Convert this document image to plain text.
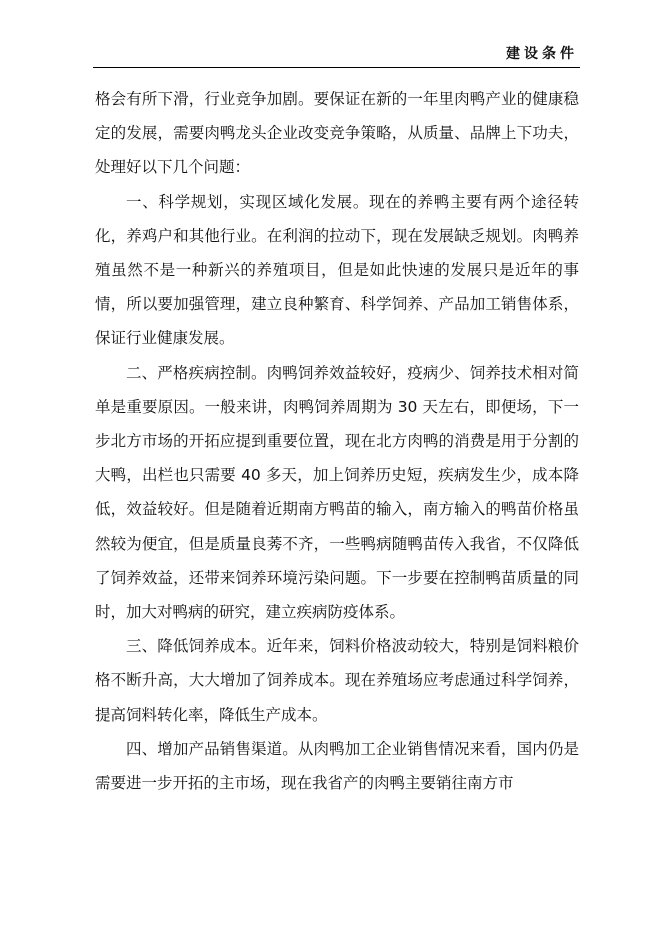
建设条件

格会有所下滑，行业竞争加剧。要保证在新的一年里肉鸭产业的健康稳定的发展，需要肉鸭龙头企业改变竞争策略，从质量、品牌上下功夫，处理好以下几个问题：

一、科学规划，实现区域化发展。现在的养鸭主要有两个途径转化，养鸡户和其他行业。在利润的拉动下，现在发展缺乏规划。肉鸭养殖虽然不是一种新兴的养殖项目，但是如此快速的发展只是近年的事情，所以要加强管理，建立良种繁育、科学饲养、产品加工销售体系，保证行业健康发展。

二、严格疾病控制。肉鸭饲养效益较好，疫病少、饲养技术相对简单是重要原因。一般来讲，肉鸭饲养周期为 30 天左右，即便场，下一步北方市场的开拓应提到重要位置，现在北方肉鸭的消费是用于分割的大鸭，出栏也只需要 40 多天，加上饲养历史短，疾病发生少，成本降低，效益较好。但是随着近期南方鸭苗的输入，南方输入的鸭苗价格虽然较为便宜，但是质量良莠不齐，一些鸭病随鸭苗传入我省，不仅降低了饲养效益，还带来饲养环境污染问题。下一步要在控制鸭苗质量的同时，加大对鸭病的研究，建立疾病防疫体系。

三、降低饲养成本。近年来，饲料价格波动较大，特别是饲料粮价格不断升高，大大增加了饲养成本。现在养殖场应考虑通过科学饲养，提高饲料转化率，降低生产成本。

四、增加产品销售渠道。从肉鸭加工企业销售情况来看，国内仍是需要进一步开拓的主市场，现在我省产的肉鸭主要销往南方市
